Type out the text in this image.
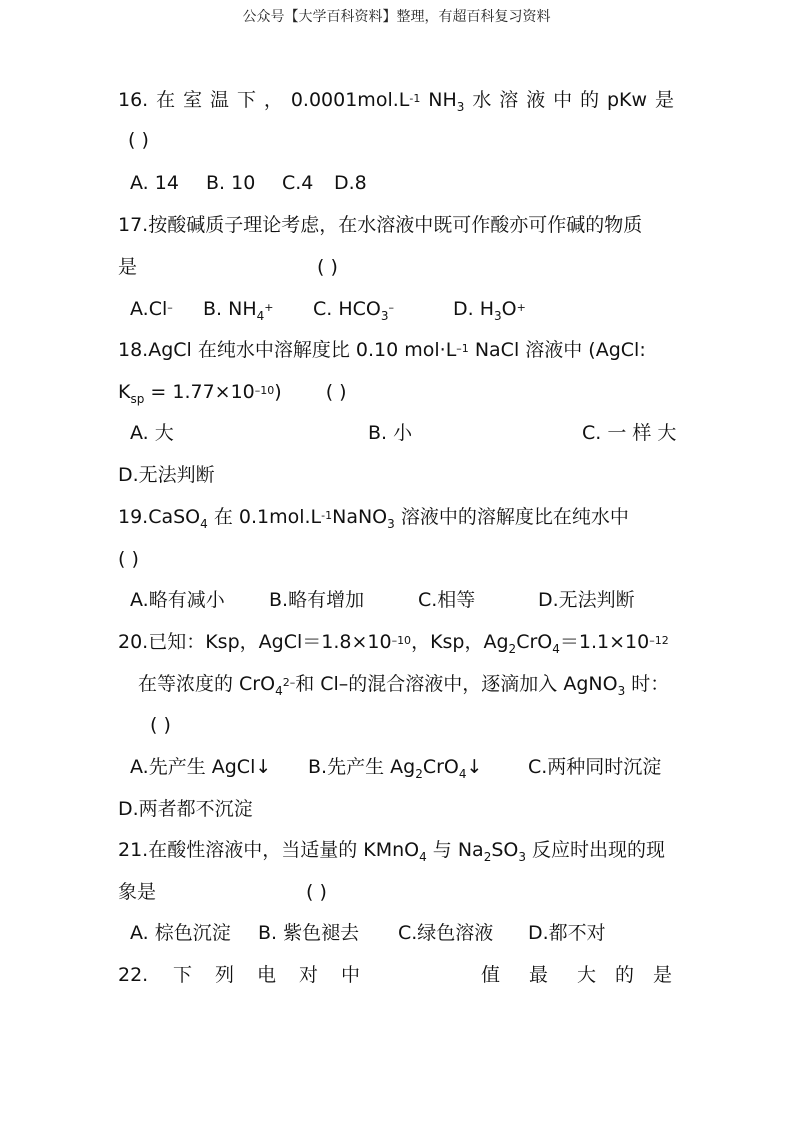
公众号【大学百科资料】整理，有超百科复习资料
16. 在 室 温 下 ， $0.0001mol.L^{-1}$ $NH_3$ 水 溶 液 中 的 pKw 是
( )
A. 14 B. 10 C.4 D.8
17.按酸碱质子理论考虑，在水溶液中既可作酸亦可作碱的物质
是	( )
A.Cl– B. $NH_4^+$ C. $HCO_3^-$	D. $H_3O^+$
18.AgCl 在纯水中溶解度比 0.10 $mol\cdot L^{-1}$ NaCl 溶液中 (AgCl:
$K_{sp} = 1.77\times 10^{-10}$) ( )
A. 大	B. 小	C. 一 样 大
D.无法判断
19.CaSO$_4$ 在 $0.1mol.L^{-1}NaNO_3$ 溶液中的溶解度比在纯水中
( )
A.略有减小 B.略有增加	C.相等	D.无法判断
20.已知：Ksp，$AgCl=1.8\times 10^{-10}$，Ksp，$Ag_2CrO_4=1.1\times 10^{-12}$
在等浓度的 CrO$_4^{2-}$和 Cl–的混合溶液中，逐滴加入 AgNO$_3$ 时：
( )
A.先产生 AgCl↓ B.先产生 $Ag_2CrO_4↓$ C.两种同时沉淀
D.两者都不沉淀
21.在酸性溶液中，当适量的 KMnO$_4$ 与 $Na_2SO_3$ 反应时出现的现
象是	( )
A. 棕色沉淀 B. 紫色褪去 C.绿色溶液 D.都不对
22. 下 列 电 对 中	值 最 大 的 是
